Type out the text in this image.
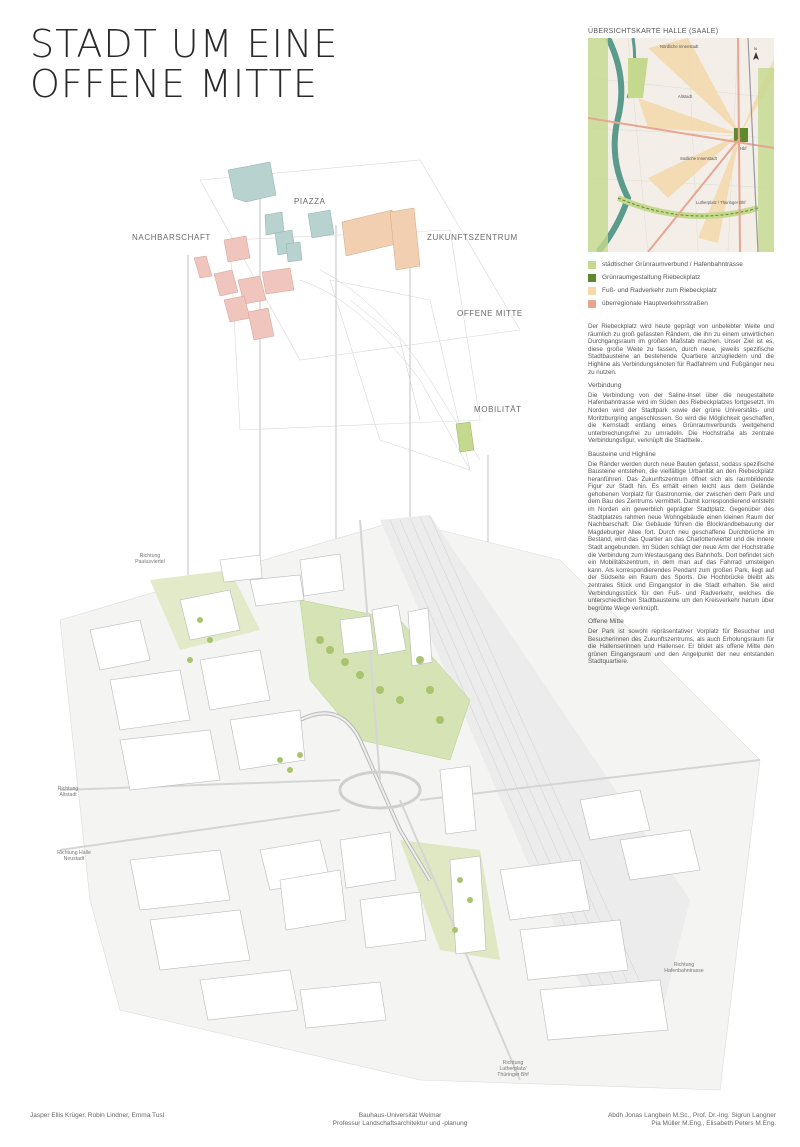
STADT UM EINE
OFFENE MITTE
PIAZZA
NACHBARSCHAFT	ZUKUNFTSZENTRUM
OFFENE MITTE
MOBILITÄT
Richtung Paulusviertel
Richtung Altstadt
Richtung Halle Neustadt
Richtung Hafenbahntrasse
Richtung Lutherplatz/ Thüringer Bhf
ÜBERSICHTSKARTE HALLE (SAALE)
Nördliche Innenstadt
Altstadt
Südliche Innenstadt
Lutherplatz / Thüringer Bhf
Hbf
N
städtischer Grünraumverbund / Hafenbahntrasse
Grünraumgestaltung Riebeckplatz
Fuß- und Radverkehr zum Riebeckplatz
überregionale Hauptverkehrsstraßen

Der Riebeckplatz wird heute geprägt von unbelebter Weite und räumlich zu groß gefassten Rändern, die ihn zu einem unwirtlichen Durchgangsraum im großen Maßstab machen. Unser Ziel ist es, diese große Weite zu fassen, durch neue, jeweils spezifische Stadtbausteine an bestehende Quartiere anzugliedern und die Highline als Verbindungsknoten für Radfahrern und Fußgänger neu zu nutzen.

Verbindung

Die Verbindung von der Saline-Insel über die neugestaltete Hafenbahntrasse wird im Süden des Riebeckplatzes fortgesetzt. Im Norden wird der Stadtpark sowie der grüne Universitäts- und Moritzburgring angeschlossen. So wird die Möglichkeit geschaffen, die Kernstadt entlang eines Grünraumverbunds weitgehend unterbrechungsfrei zu umradeln. Die Hochstraße als zentrale Verbindungsfigur, verknüpft die Stadtteile.

Bausteine und Highline

Die Ränder werden durch neue Bauten gefasst, sodass spezifische Bausteine entstehen, die vielfältige Urbanität an den Riebeckplatz heranführen. Das Zukunftszentrum öffnet sich als raumbildende Figur zur Stadt hin. Es erhält einen leicht aus dem Gelände gehobenen Vorplatz für Gastronomie, der zwischen dem Park und dem Bau des Zentrums vermittelt. Damit korrespondierend entsteht im Norden ein gewerblich geprägter Stadtplatz. Gegenüber des Stadtplatzes rahmen neue Wohngebäude einen kleinen Raum der Nachbarschaft. Die Gebäude führen die Blockrandbebauung der Magdeburger Allee fort. Durch neu geschaffene Durchbrüche im Bestand, wird das Quartier an das Charlottenviertel und die innere Stadt angebunden. Im Süden schlägt der neue Arm der Hochstraße die Verbindung zum Westausgang des Bahnhofs. Dort befindet sich ein Mobilitätszentrum, in dem man auf das Fahrrad umsteigen kann. Als korrespondierendes Pendant zum großen Park, liegt auf der Südseite ein Raum des Sports. Die Hochbrücke bleibt als zentrales Stück und Eingangstor in die Stadt erhalten. Sie wird Verbindungsstück für den Fuß- und Radverkehr, welches die unterschiedlichen Stadtbausteine um den Kreisverkehr herum über begrünte Wege verknüpft.

Offene Mitte

Der Park ist sowohl repräsentativer Vorplatz für Besucher und Besucherinnen des Zukunftszentrums, als auch Erholungsraum für die Hallenserinnen und Hallenser. Er bildet als offene Mitte den grünen Eingangsraum und den Angelpunkt der neu entstanden Stadtquartiere.

Jasper Ellis Krüger, Robin Lindner, Emma Tusl	Bauhaus-Universität Weimar
Professur Landschaftsarchitektur und -planung
Abdh Jonas Langbein M.Sc., Prof. Dr.-Ing. Sigrun Langner
Pia Müller M.Eng., Elisabeth Peters M.Eng.
